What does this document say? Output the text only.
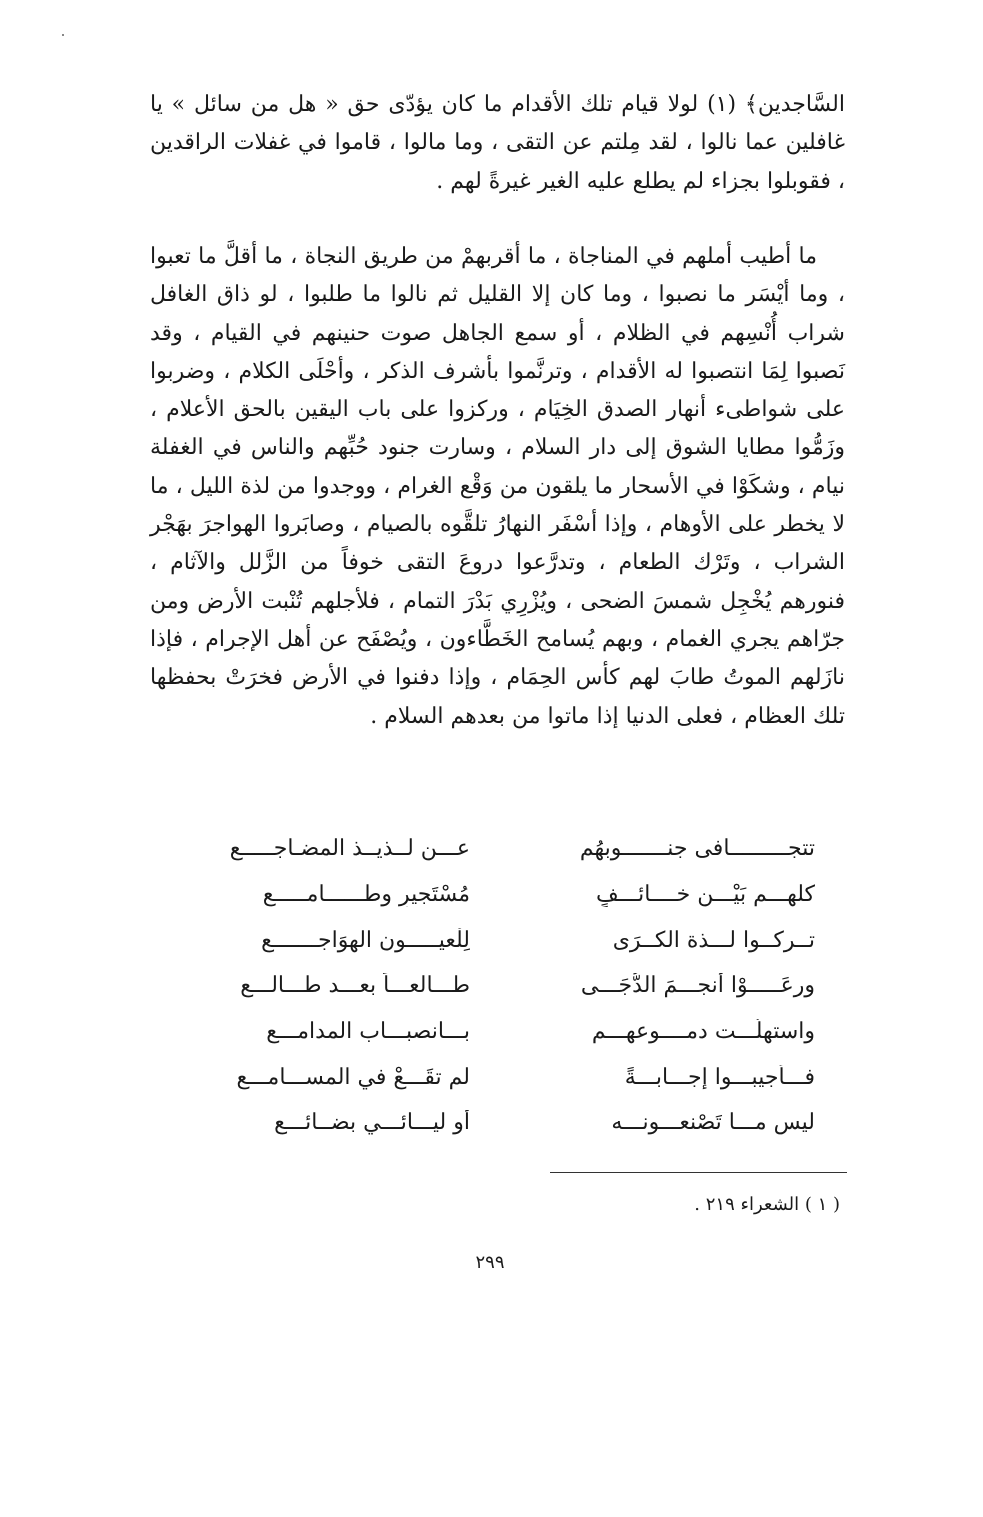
السَّاجدين﴾ (١) لولا قيام تلك الأقدام ما كان يؤدّى حق « هل من سائل » يا غافلين عما نالوا ، لقد مِلتم عن التقى ، وما مالوا ، قاموا في غفلات الراقدين ، فقوبلوا بجزاء لم يطلع عليه الغير غيرةً لهم .

ما أطيب أملهم في المناجاة ، ما أقربهمْ من طريق النجاة ، ما أقلَّ ما تعبوا ، وما أيْسَر ما نصبوا ، وما كان إلا القليل ثم نالوا ما طلبوا ، لو ذاق الغافل شراب أُنْسِهم في الظلام ، أو سمع الجاهل صوت حنينهم في القيام ، وقد نَصبوا لِمَا انتصبوا له الأقدام ، وترنَّموا بأشرف الذكر ، وأحْلَى الكلام ، وضربوا على شواطىء أنهار الصدق الخِيَام ، وركزوا على باب اليقين بالحق الأعلام ، وزَمُّوا مطايا الشوق إلى دار السلام ، وسارت جنود حُبِّهم والناس في الغفلة نيام ، وشكَوْا في الأسحار ما يلقون من وَقْع الغرام ، ووجدوا من لذة الليل ، ما لا يخطر على الأوهام ، وإذا أسْفَر النهارُ تلقَّوه بالصيام ، وصابَروا الهواجرَ بهَجْر الشراب ، وتَرْك الطعام ، وتدرَّعوا دروعَ التقى خوفاً من الزَّلل والآثام ، فنورهم يُخْجِل شمسَ الضحى ، ويُزْرِي بَدْرَ التمام ، فلأجلهم تُنْبت الأرض ومن جرّاهم يجري الغمام ، وبهم يُسامح الخَطَّاءون ، ويُصْفَح عن أهل الإجرام ، فإذا نازَلهم الموتُ طابَ لهم كأس الحِمَام ، وإذا دفنوا في الأرض فخرَتْ بحفظها تلك العظام ، فعلى الدنيا إذا ماتوا من بعدهم السلام .

تتجـــــــــافى جنـــــــوبهُم
عـــن لــذيــذ المضـاجـــــع
كلهـــم بَيْـــن خــــائـــفٍ
مُسْتَجيرٍ وطــــــامـــــع
تــركــوا لـــذة الكــرَى
لِلْعيـــــون الهوَاجـــــــع
ورعَـــــوْا أنجـــمَ الدُّجَـــى
طـــالعـــاً بعـــد طـــالـــع
واستهلّـــت دمــــوعهـــم
بـــانصبـــاب المدامـــع
فـــأجيبـــوا إجـــابـــةً
لم تقَـــعْ في المســـامـــع
ليس مـــا تَصْنعـــونـــه
أو ليـــائـــي بضــائـــع

( ١ ) الشعراء ٢١٩ .

٢٩٩
